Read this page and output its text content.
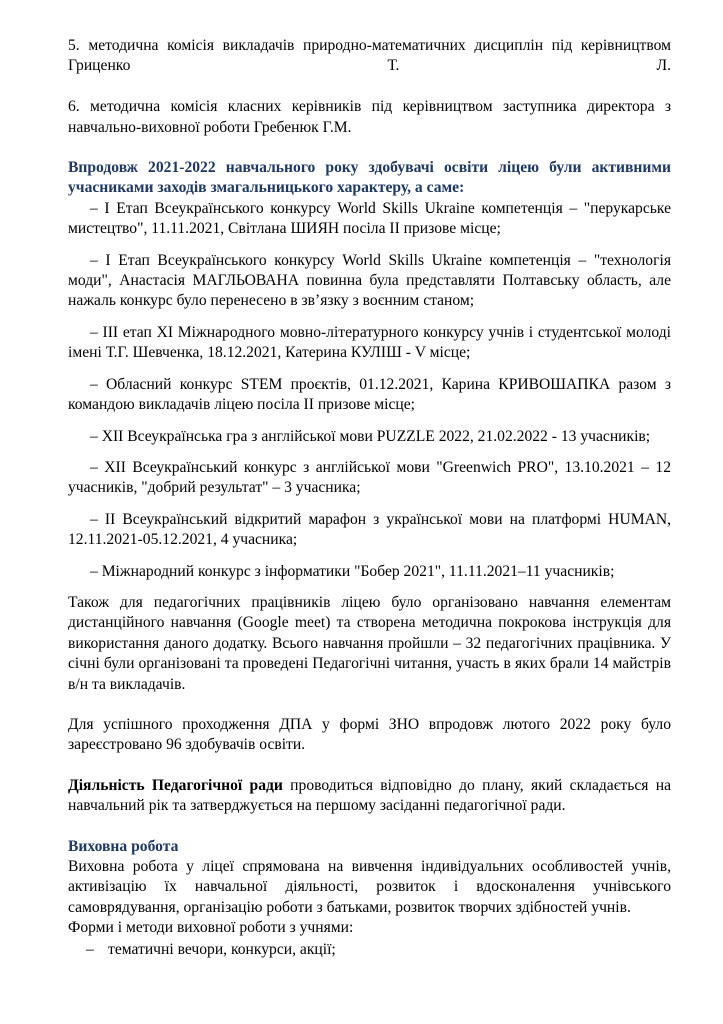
5. методична комісія викладачів природно-математичних дисциплін під керівництвом Гриценко Т. Л.

6. методична комісія класних керівників під керівництвом заступника директора з навчально-виховної роботи Гребенюк Г.М.

Впродовж 2021-2022 навчального року здобувачі освіти ліцею були активними учасниками заходів змагальницького характеру, а саме:

– І Етап Всеукраїнського конкурсу World Skills Ukraine компетенція – "перукарське мистецтво", 11.11.2021, Світлана ШИЯН посіла ІІ призове місце;

– І Етап Всеукраїнського конкурсу World Skills Ukraine компетенція – "технологія моди", Анастасія МАГЛЬОВАНА повинна була представляти Полтавську область, але нажаль конкурс було перенесено в зв’язку з воєнним станом;

– ІІІ етап ХІ Міжнародного мовно-літературного конкурсу учнів і студентської молоді імені Т.Г. Шевченка, 18.12.2021, Катерина КУЛІШ - V місце;

– Обласний конкурс STEM проєктів, 01.12.2021, Карина КРИВОШАПКА разом з командою викладачів ліцею посіла ІІ призове місце;

– ХІІ Всеукраїнська гра з англійської мови PUZZLE 2022, 21.02.2022 - 13 учасників;

– ХІІ Всеукраїнський конкурс з англійської мови "Greenwich PRO", 13.10.2021 – 12 учасників, "добрий результат" – 3 учасника;

– ІІ Всеукраїнський відкритий марафон з української мови на платформі HUMAN, 12.11.2021-05.12.2021, 4 учасника;

– Міжнародний конкурс з інформатики "Бобер 2021", 11.11.2021–11 учасників;

Також для педагогічних працівників ліцею було організовано навчання елементам дистанційного навчання (Google meet) та створена методична покрокова інструкція для використання даного додатку. Всього навчання пройшли – 32 педагогічних працівника. У січні були організовані та проведені Педагогічні читання, участь в яких брали 14 майстрів в/н та викладачів.

Для успішного проходження ДПА у формі ЗНО впродовж лютого 2022 року було зареєстровано 96 здобувачів освіти.

Діяльність Педагогічної ради проводиться відповідно до плану, який складається на навчальний рік та затверджується на першому засіданні педагогічної ради.

Виховна робота

Виховна робота у ліцеї спрямована на вивчення індивідуальних особливостей учнів, активізацію їх навчальної діяльності, розвиток і вдосконалення учнівського самоврядування, організацію роботи з батьками, розвиток творчих здібностей учнів.

Форми і методи виховної роботи з учнями:

– тематичні вечори, конкурси, акції;
